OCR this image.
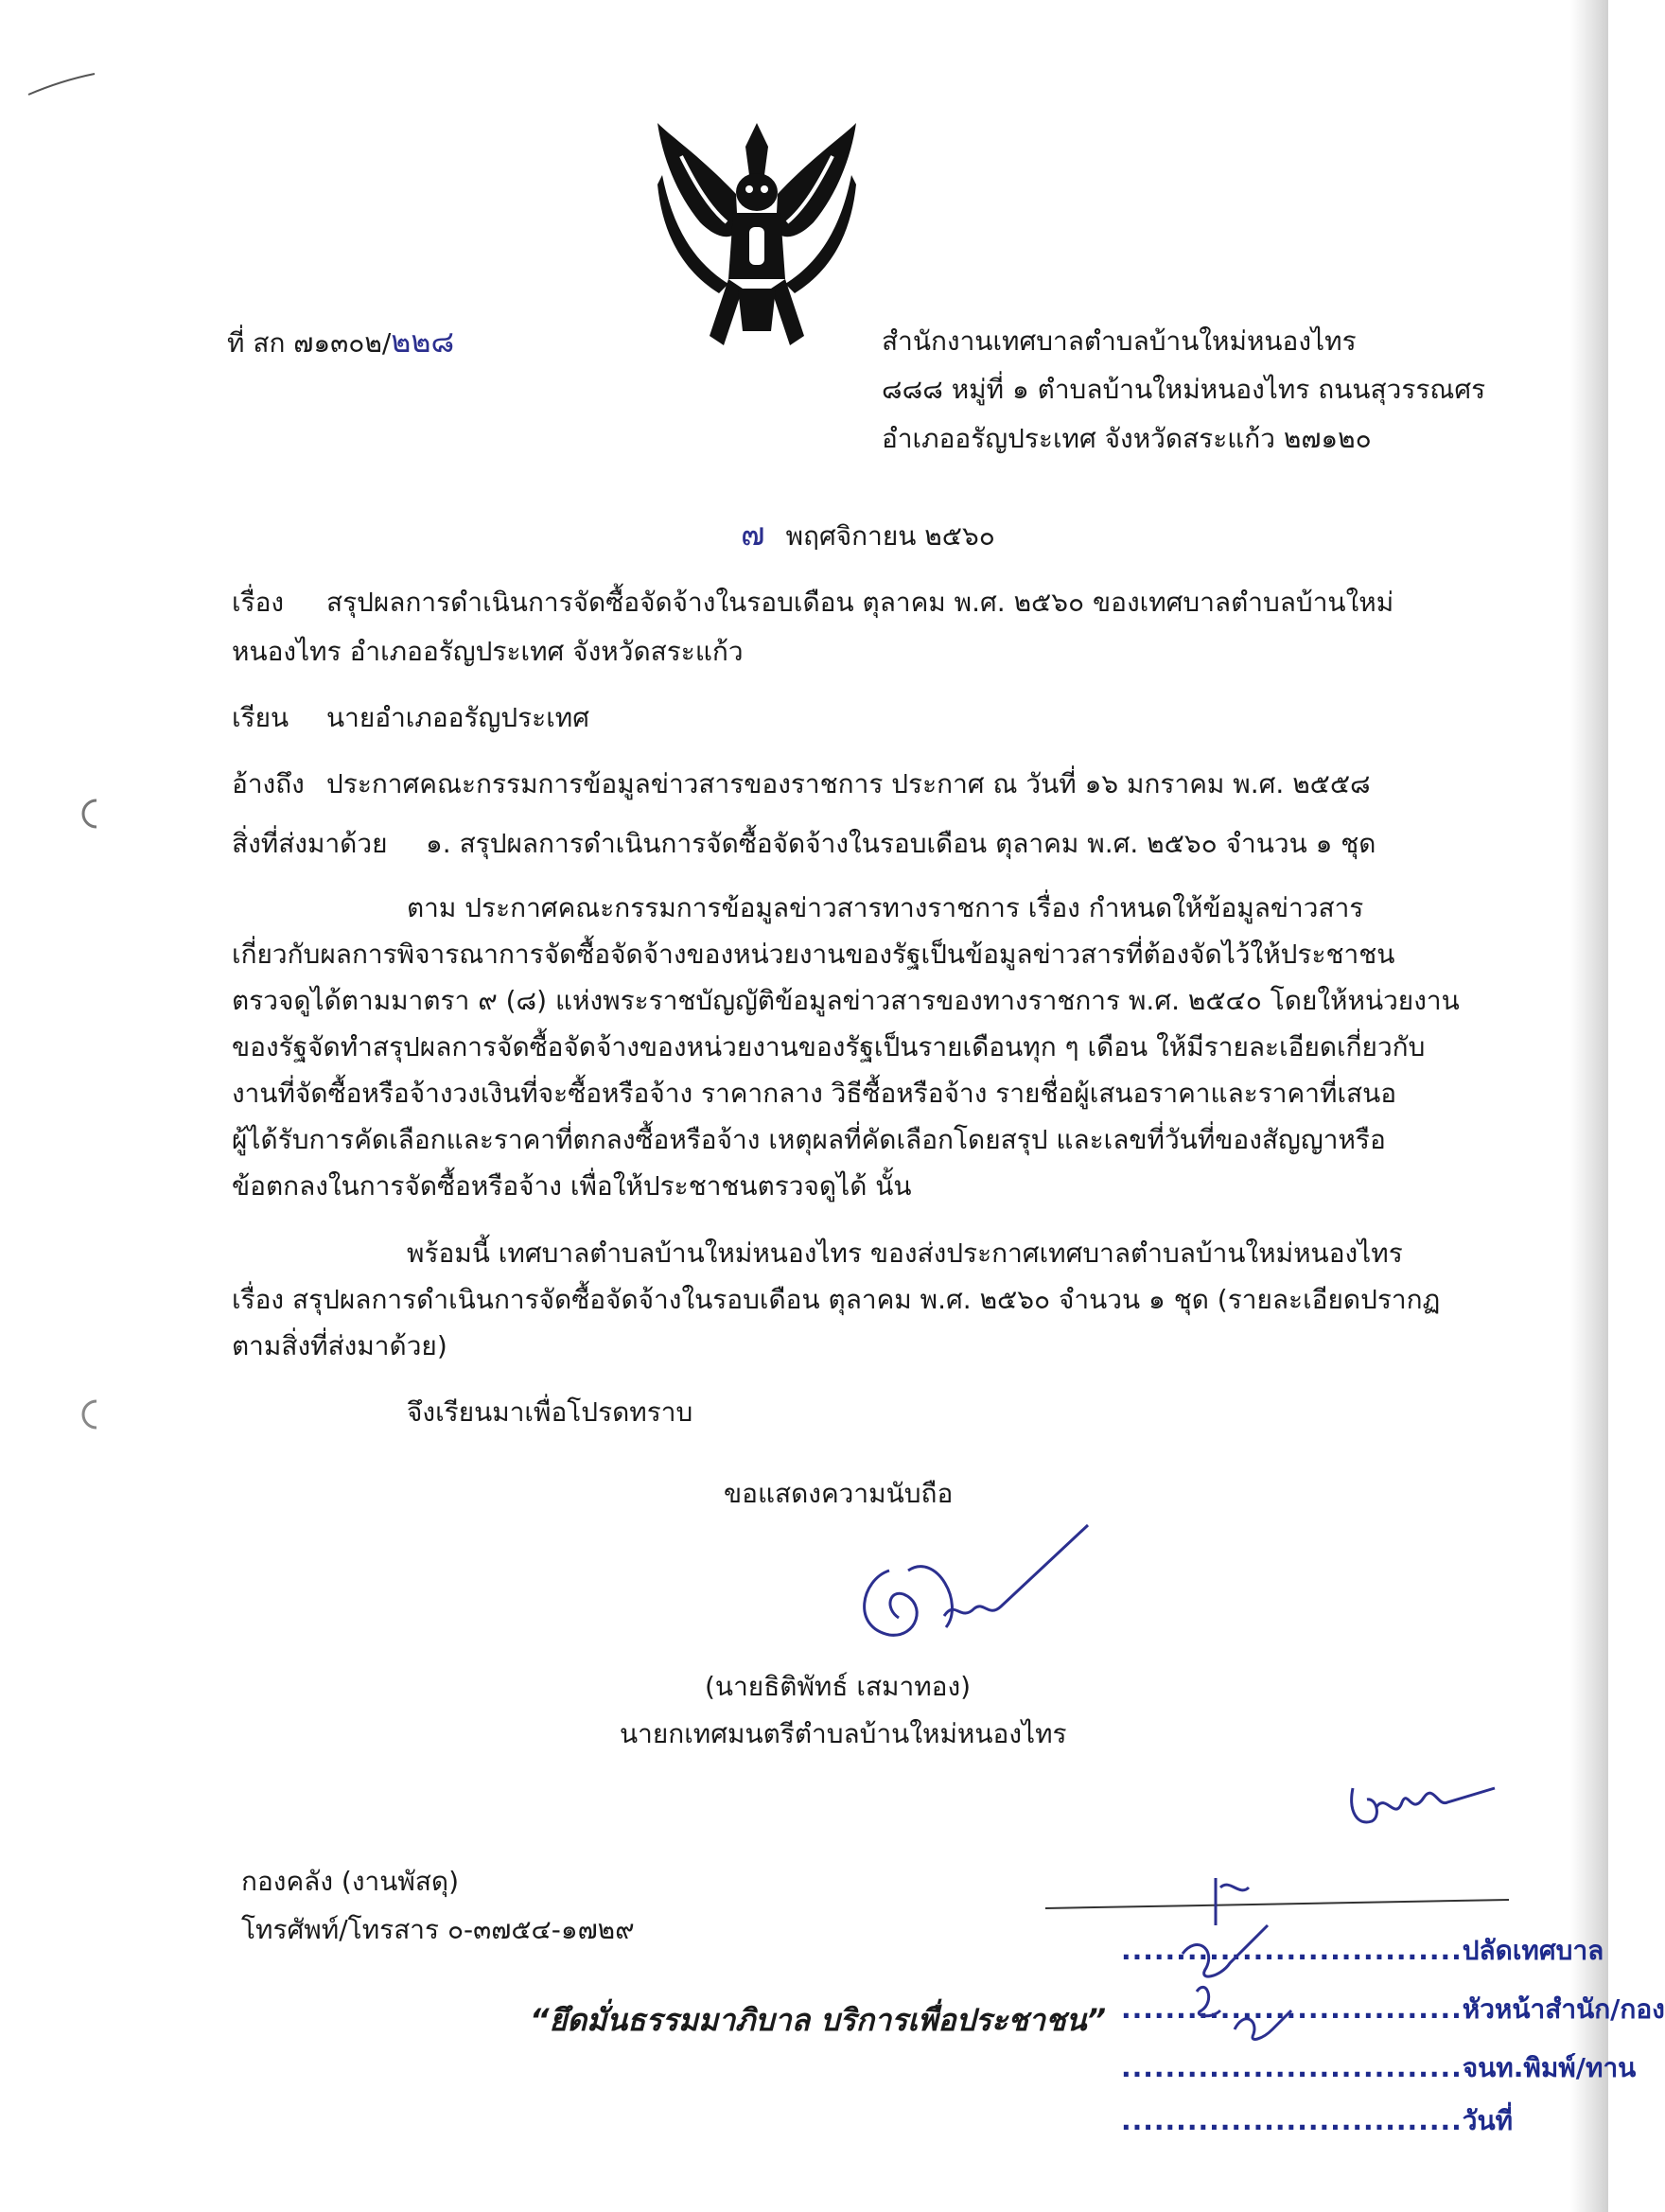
ที่ สก ๗๑๓๐๒/๒๒๘	สำนักงานเทศบาลตำบลบ้านใหม่หนองไทร
๘๘๘ หมู่ที่ ๑ ตำบลบ้านใหม่หนองไทร ถนนสุวรรณศร
อำเภออรัญประเทศ จังหวัดสระแก้ว ๒๗๑๒๐
๗ พฤศจิกายน ๒๕๖๐
เรื่อง สรุปผลการดำเนินการจัดซื้อจัดจ้างในรอบเดือน ตุลาคม พ.ศ. ๒๕๖๐ ของเทศบาลตำบลบ้านใหม่
หนองไทร อำเภออรัญประเทศ จังหวัดสระแก้ว
เรียน นายอำเภออรัญประเทศ
อ้างถึง ประกาศคณะกรรมการข้อมูลข่าวสารของราชการ ประกาศ ณ วันที่ ๑๖ มกราคม พ.ศ. ๒๕๕๘
สิ่งที่ส่งมาด้วย ๑. สรุปผลการดำเนินการจัดซื้อจัดจ้างในรอบเดือน ตุลาคม พ.ศ. ๒๕๖๐ จำนวน ๑ ชุด
ตาม ประกาศคณะกรรมการข้อมูลข่าวสารทางราชการ เรื่อง กำหนดให้ข้อมูลข่าวสาร
เกี่ยวกับผลการพิจารณาการจัดซื้อจัดจ้างของหน่วยงานของรัฐเป็นข้อมูลข่าวสารที่ต้องจัดไว้ให้ประชาชน
ตรวจดูได้ตามมาตรา ๙ (๘) แห่งพระราชบัญญัติข้อมูลข่าวสารของทางราชการ พ.ศ. ๒๕๔๐ โดยให้หน่วยงาน
ของรัฐจัดทำสรุปผลการจัดซื้อจัดจ้างของหน่วยงานของรัฐเป็นรายเดือนทุก ๆ เดือน ให้มีรายละเอียดเกี่ยวกับ
งานที่จัดซื้อหรือจ้างวงเงินที่จะซื้อหรือจ้าง ราคากลาง วิธีซื้อหรือจ้าง รายชื่อผู้เสนอราคาและราคาที่เสนอ
ผู้ได้รับการคัดเลือกและราคาที่ตกลงซื้อหรือจ้าง เหตุผลที่คัดเลือกโดยสรุป และเลขที่วันที่ของสัญญาหรือ
ข้อตกลงในการจัดซื้อหรือจ้าง เพื่อให้ประชาชนตรวจดูได้ นั้น
พร้อมนี้ เทศบาลตำบลบ้านใหม่หนองไทร ของส่งประกาศเทศบาลตำบลบ้านใหม่หนองไทร
เรื่อง สรุปผลการดำเนินการจัดซื้อจัดจ้างในรอบเดือน ตุลาคม พ.ศ. ๒๕๖๐ จำนวน ๑ ชุด (รายละเอียดปรากฏ
ตามสิ่งที่ส่งมาด้วย)
จึงเรียนมาเพื่อโปรดทราบ
ขอแสดงความนับถือ
(นายธิติพัทธ์ เสมาทอง)
นายกเทศมนตรีตำบลบ้านใหม่หนองไทร
กองคลัง (งานพัสดุ)
โทรศัพท์/โทรสาร ๐-๓๗๕๔-๑๗๒๙
“ยึดมั่นธรรมมาภิบาล บริการเพื่อประชาชน”
...............................ปลัดเทศบาล
...............................หัวหน้าสำนัก/กอง
...............................จนท.พิมพ์/ทาน
...............................วันที่
